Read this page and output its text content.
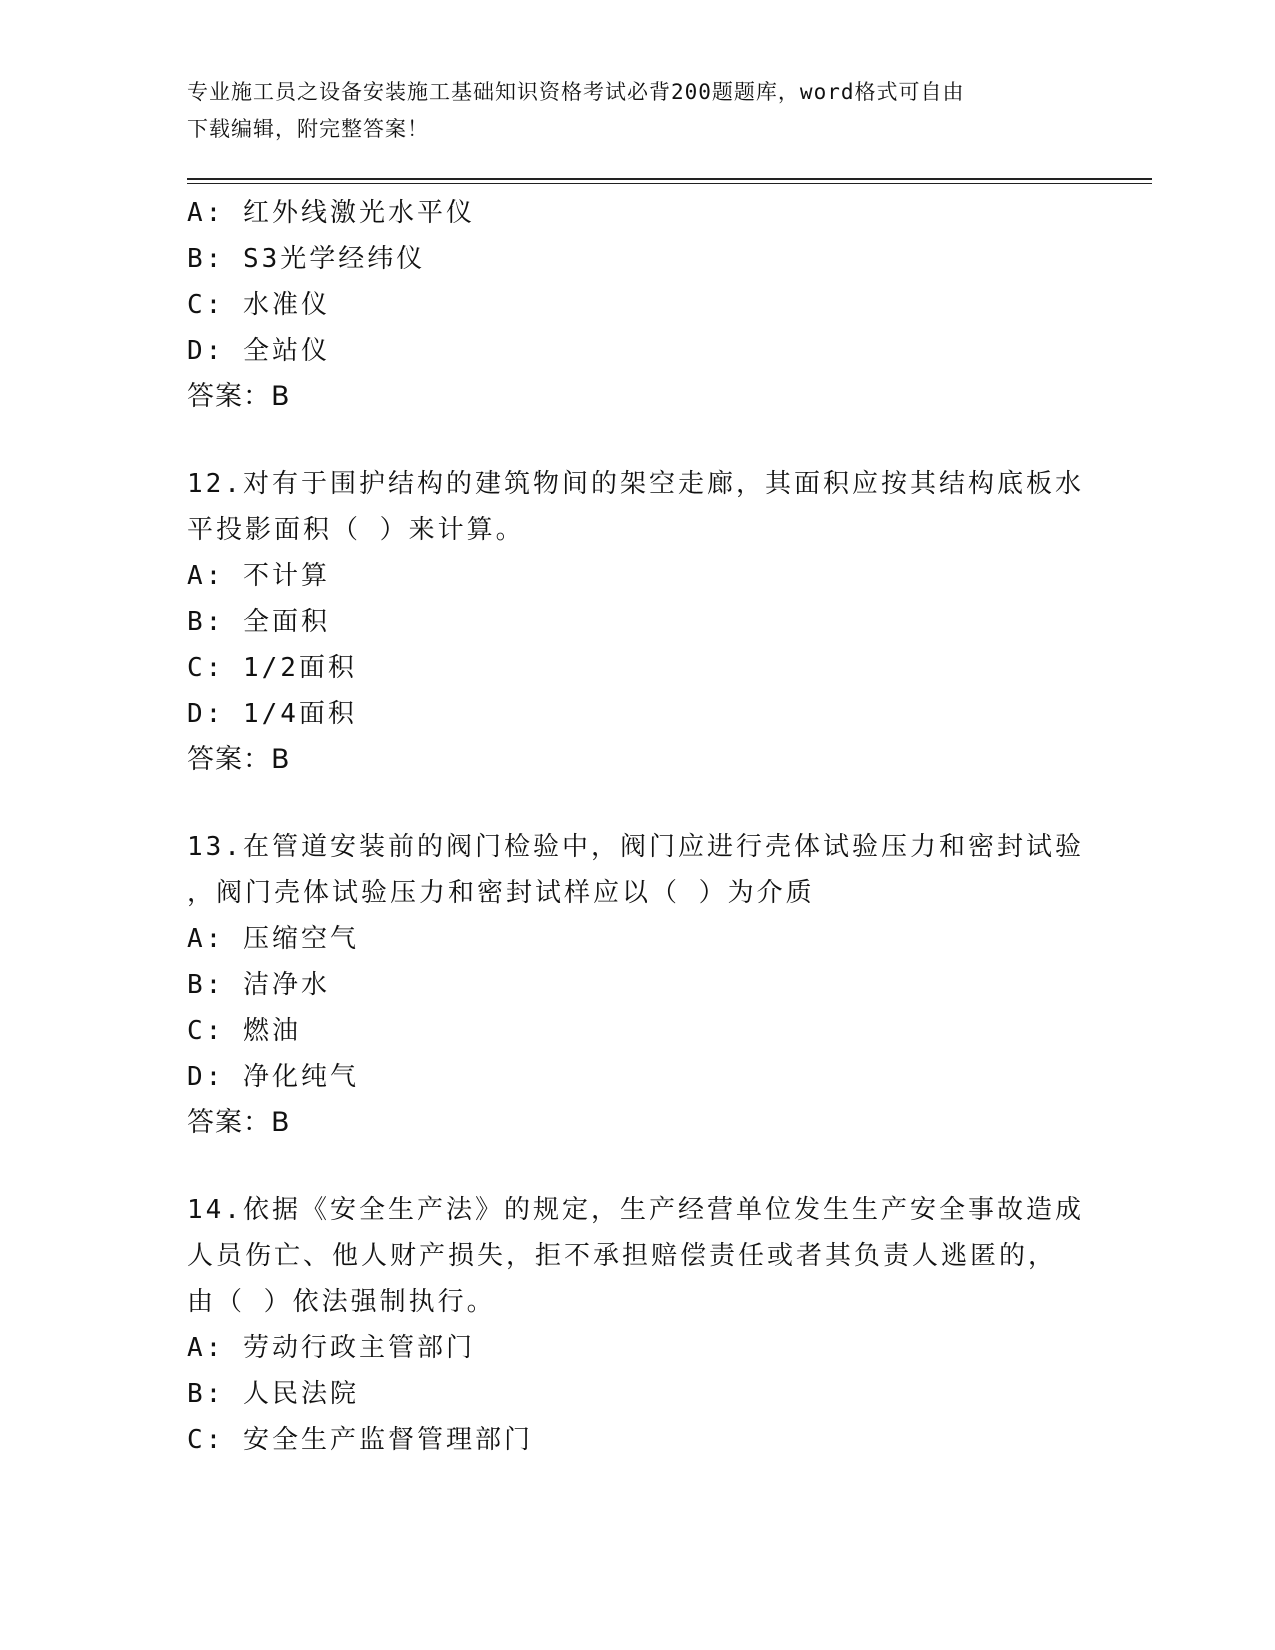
专业施工员之设备安装施工基础知识资格考试必背200题题库，word格式可自由
下载编辑，附完整答案！
A: 红外线激光水平仪
B: S3光学经纬仪
C: 水准仪
D: 全站仪
答案：B
12.对有于围护结构的建筑物间的架空走廊，其面积应按其结构底板水
平投影面积（ ）来计算。
A: 不计算
B: 全面积
C: 1/2面积
D: 1/4面积
答案：B
13.在管道安装前的阀门检验中，阀门应进行壳体试验压力和密封试验
，阀门壳体试验压力和密封试样应以（ ）为介质
A: 压缩空气
B: 洁净水
C: 燃油
D: 净化纯气
答案：B
14.依据《安全生产法》的规定，生产经营单位发生生产安全事故造成
人员伤亡、他人财产损失，拒不承担赔偿责任或者其负责人逃匿的，
由（ ）依法强制执行。
A: 劳动行政主管部门
B: 人民法院
C: 安全生产监督管理部门
